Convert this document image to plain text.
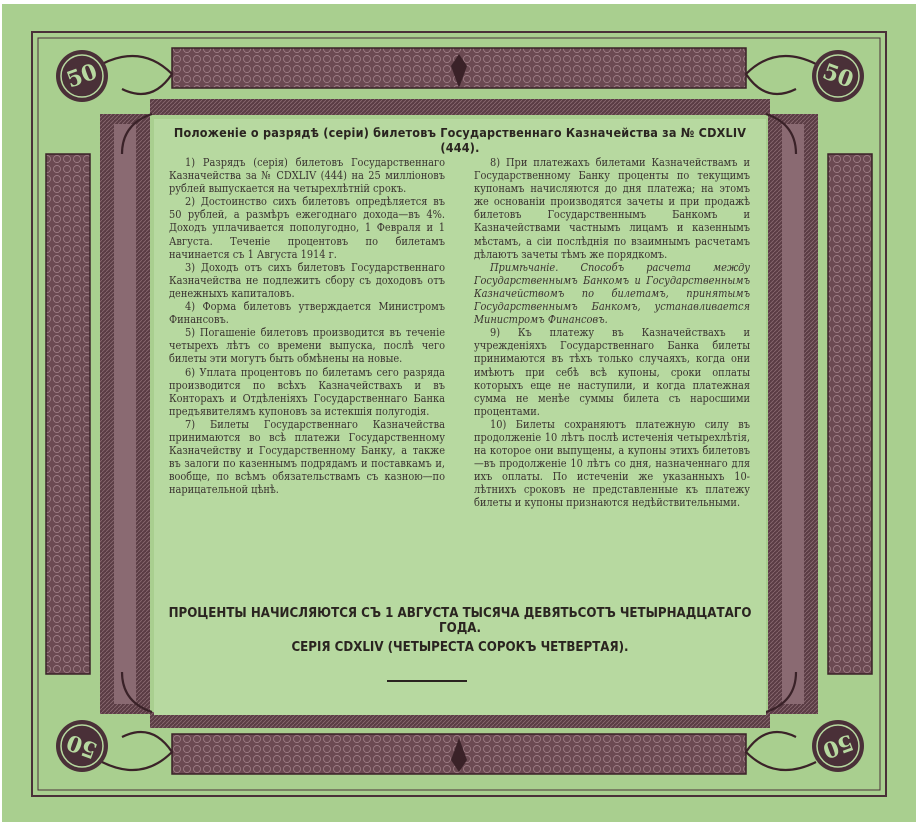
50	50
50	50
Положеніе о разрядѣ (серіи) билетовъ Государственнаго Казначейства за № CDXLIV (444).

1) Разрядъ (серія) билетовъ Государственнаго Казначейства за № CDXLIV (444) на 25 милліоновъ рублей выпускается на четырехлѣтній срокъ.

2) Достоинство сихъ билетовъ опредѣляется въ 50 рублей, а размѣръ ежегоднаго дохода—въ 4%. Доходъ уплачивается пополугодно, 1 Февраля и 1 Августа. Теченіе процентовъ по билетамъ начинается съ 1 Августа 1914 г.

3) Доходъ отъ сихъ билетовъ Государственнаго Казначейства не подлежитъ сбору съ доходовъ отъ денежныхъ капиталовъ.

4) Форма билетовъ утверждается Министромъ Финансовъ.

5) Погашеніе билетовъ производится въ теченіе четырехъ лѣтъ со времени выпуска, послѣ чего билеты эти могутъ быть обмѣнены на новые.

6) Уплата процентовъ по билетамъ сего разряда производится по всѣхъ Казначействахъ и въ Конторахъ и Отдѣленіяхъ Государственнаго Банка предъявителямъ купоновъ за истекшія полугодія.

7) Билеты Государственнаго Казначейства принимаются во всѣ платежи Государственному Казначейству и Государственному Банку, а также въ залоги по казеннымъ подрядамъ и поставкамъ и, вообще, по всѣмъ обязательствамъ съ казною—по нарицательной цѣнѣ.

8) При платежахъ билетами Казначействамъ и Государственному Банку проценты по текущимъ купонамъ начисляются до дня платежа; на этомъ же основаніи производятся зачеты и при продажѣ билетовъ Государственнымъ Банкомъ и Казначействами частнымъ лицамъ и казеннымъ мѣстамъ, а сіи послѣднія по взаимнымъ расчетамъ дѣлаютъ зачеты тѣмъ же порядкомъ.

Примѣчаніе. Способъ расчета между Государственнымъ Банкомъ и Государственнымъ Казначействомъ по билетамъ, принятымъ Государственнымъ Банкомъ, устанавливается Министромъ Финансовъ.

9) Къ платежу въ Казначействахъ и учрежденіяхъ Государственнаго Банка билеты принимаются въ тѣхъ только случаяхъ, когда они имѣютъ при себѣ всѣ купоны, сроки оплаты которыхъ еще не наступили, и когда платежная сумма не менѣе суммы билета съ наросшими процентами.

10) Билеты сохраняютъ платежную силу въ продолженіе 10 лѣтъ послѣ истеченія четырехлѣтія, на которое они выпущены, а купоны этихъ билетовъ—въ продолженіе 10 лѣтъ со дня, назначеннаго для ихъ оплаты. По истеченіи же указанныхъ 10-лѣтнихъ сроковъ не представленные къ платежу билеты и купоны признаются недѣйствительными.

ПРОЦЕНТЫ НАЧИСЛЯЮТСЯ СЪ 1 АВГУСТА ТЫСЯЧА ДЕВЯТЬСОТЪ ЧЕТЫРНАДЦАТАГО ГОДА.
СЕРІЯ CDXLIV (ЧЕТЫРЕСТА СОРОКЪ ЧЕТВЕРТАЯ).
